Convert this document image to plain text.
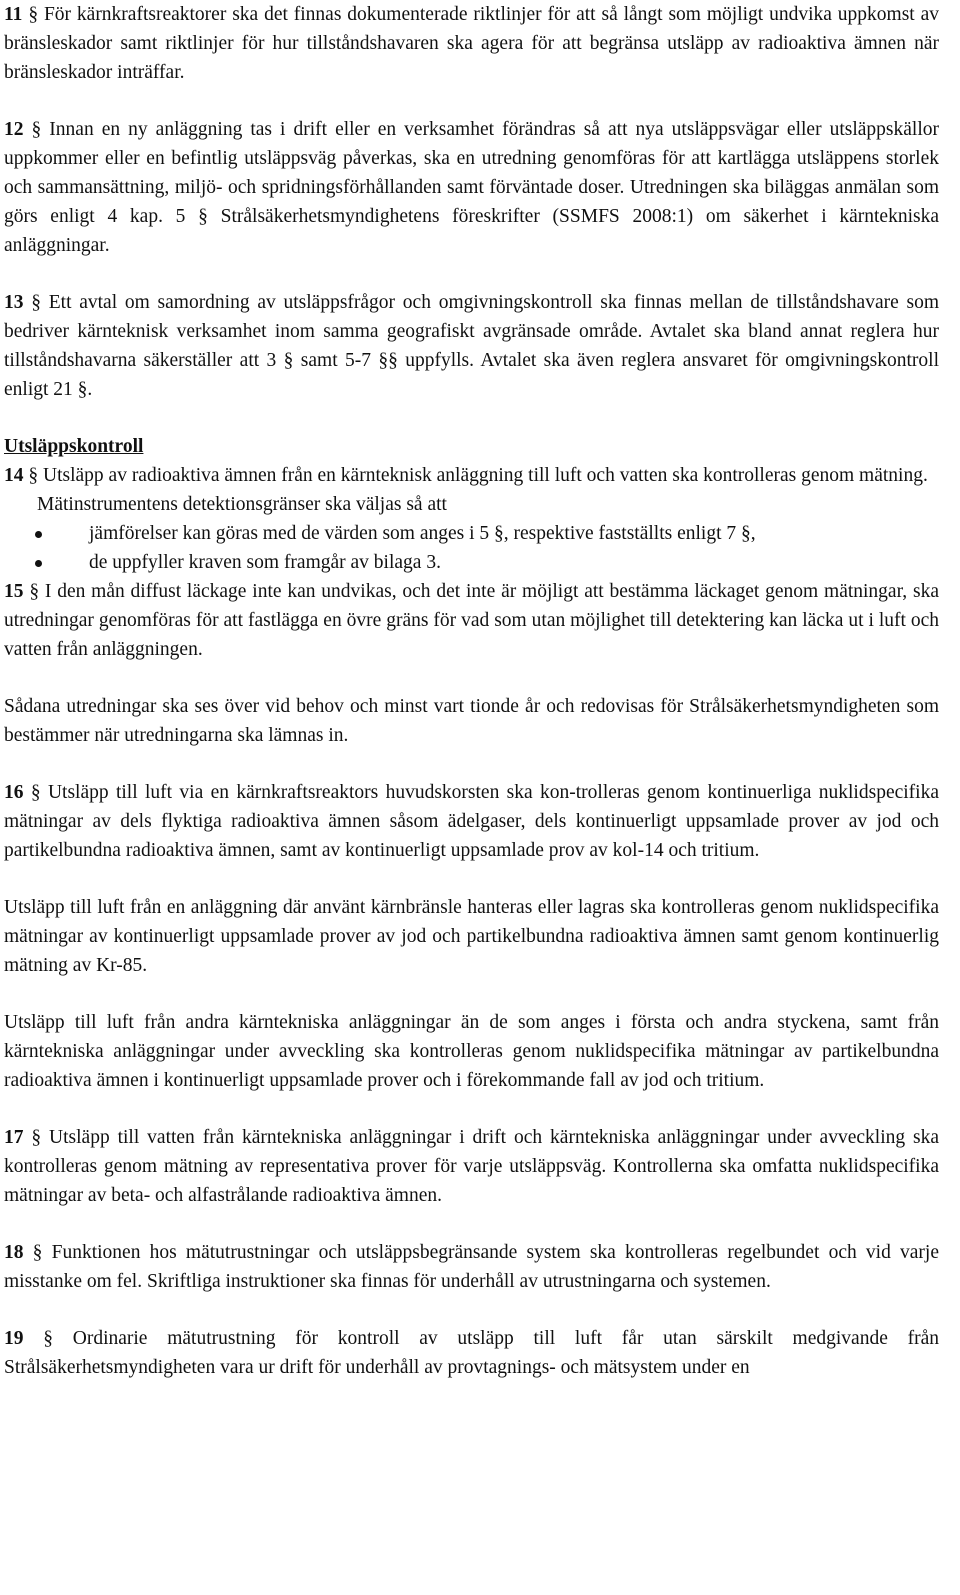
11 § För kärnkraftsreaktorer ska det finnas dokumenterade riktlinjer för att så långt som möjligt undvika uppkomst av bränsleskador samt riktlinjer för hur tillståndshavaren ska agera för att begränsa utsläpp av radioaktiva ämnen när bränsleskador inträffar.

12 § Innan en ny anläggning tas i drift eller en verksamhet förändras så att nya utsläppsvägar eller utsläppskällor uppkommer eller en befintlig utsläppsväg påverkas, ska en utredning genomföras för att kartlägga utsläppens storlek och sammansättning, miljö- och spridningsförhållanden samt förväntade doser. Utredningen ska biläggas anmälan som görs enligt 4 kap. 5 § Strålsäkerhetsmyndighetens föreskrifter (SSMFS 2008:1) om säkerhet i kärntekniska anläggningar.

13 § Ett avtal om samordning av utsläppsfrågor och omgivningskontroll ska finnas mellan de tillståndshavare som bedriver kärnteknisk verksamhet inom samma geografiskt avgränsade område. Avtalet ska bland annat reglera hur tillståndshavarna säkerställer att 3 § samt 5-7 §§ uppfylls. Avtalet ska även reglera ansvaret för omgivningskontroll enligt 21 §.

Utsläppskontroll

14 § Utsläpp av radioaktiva ämnen från en kärnteknisk anläggning till luft och vatten ska kontrolleras genom mätning.

Mätinstrumentens detektionsgränser ska väljas så att

jämförelser kan göras med de värden som anges i 5 §, respektive fastställts enligt 7 §,
de uppfyller kraven som framgår av bilaga 3.

15 § I den mån diffust läckage inte kan undvikas, och det inte är möjligt att bestämma läckaget genom mätningar, ska utredningar genomföras för att fastlägga en övre gräns för vad som utan möjlighet till detektering kan läcka ut i luft och vatten från anläggningen.

Sådana utredningar ska ses över vid behov och minst vart tionde år och redovisas för Strålsäkerhetsmyndigheten som bestämmer när utredningarna ska lämnas in.

16 § Utsläpp till luft via en kärnkraftsreaktors huvudskorsten ska kon-trolleras genom kontinuerliga nuklidspecifika mätningar av dels flyktiga radioaktiva ämnen såsom ädelgaser, dels kontinuerligt uppsamlade prover av jod och partikelbundna radioaktiva ämnen, samt av kontinuerligt uppsamlade prov av kol-14 och tritium.

Utsläpp till luft från en anläggning där använt kärnbränsle hanteras eller lagras ska kontrolleras genom nuklidspecifika mätningar av kontinuerligt uppsamlade prover av jod och partikelbundna radioaktiva ämnen samt genom kontinuerlig mätning av Kr-85.

Utsläpp till luft från andra kärntekniska anläggningar än de som anges i första och andra styckena, samt från kärntekniska anläggningar under avveckling ska kontrolleras genom nuklidspecifika mätningar av partikelbundna radioaktiva ämnen i kontinuerligt uppsamlade prover och i förekommande fall av jod och tritium.

17 § Utsläpp till vatten från kärntekniska anläggningar i drift och kärntekniska anläggningar under avveckling ska kontrolleras genom mätning av representativa prover för varje utsläppsväg. Kontrollerna ska omfatta nuklidspecifika mätningar av beta- och alfastrålande radioaktiva ämnen.

18 § Funktionen hos mätutrustningar och utsläppsbegränsande system ska kontrolleras regelbundet och vid varje misstanke om fel. Skriftliga instruktioner ska finnas för underhåll av utrustningarna och systemen.

19 § Ordinarie mätutrustning för kontroll av utsläpp till luft får utan särskilt medgivande från Strålsäkerhetsmyndigheten vara ur drift för underhåll av provtagnings- och mätsystem under en
